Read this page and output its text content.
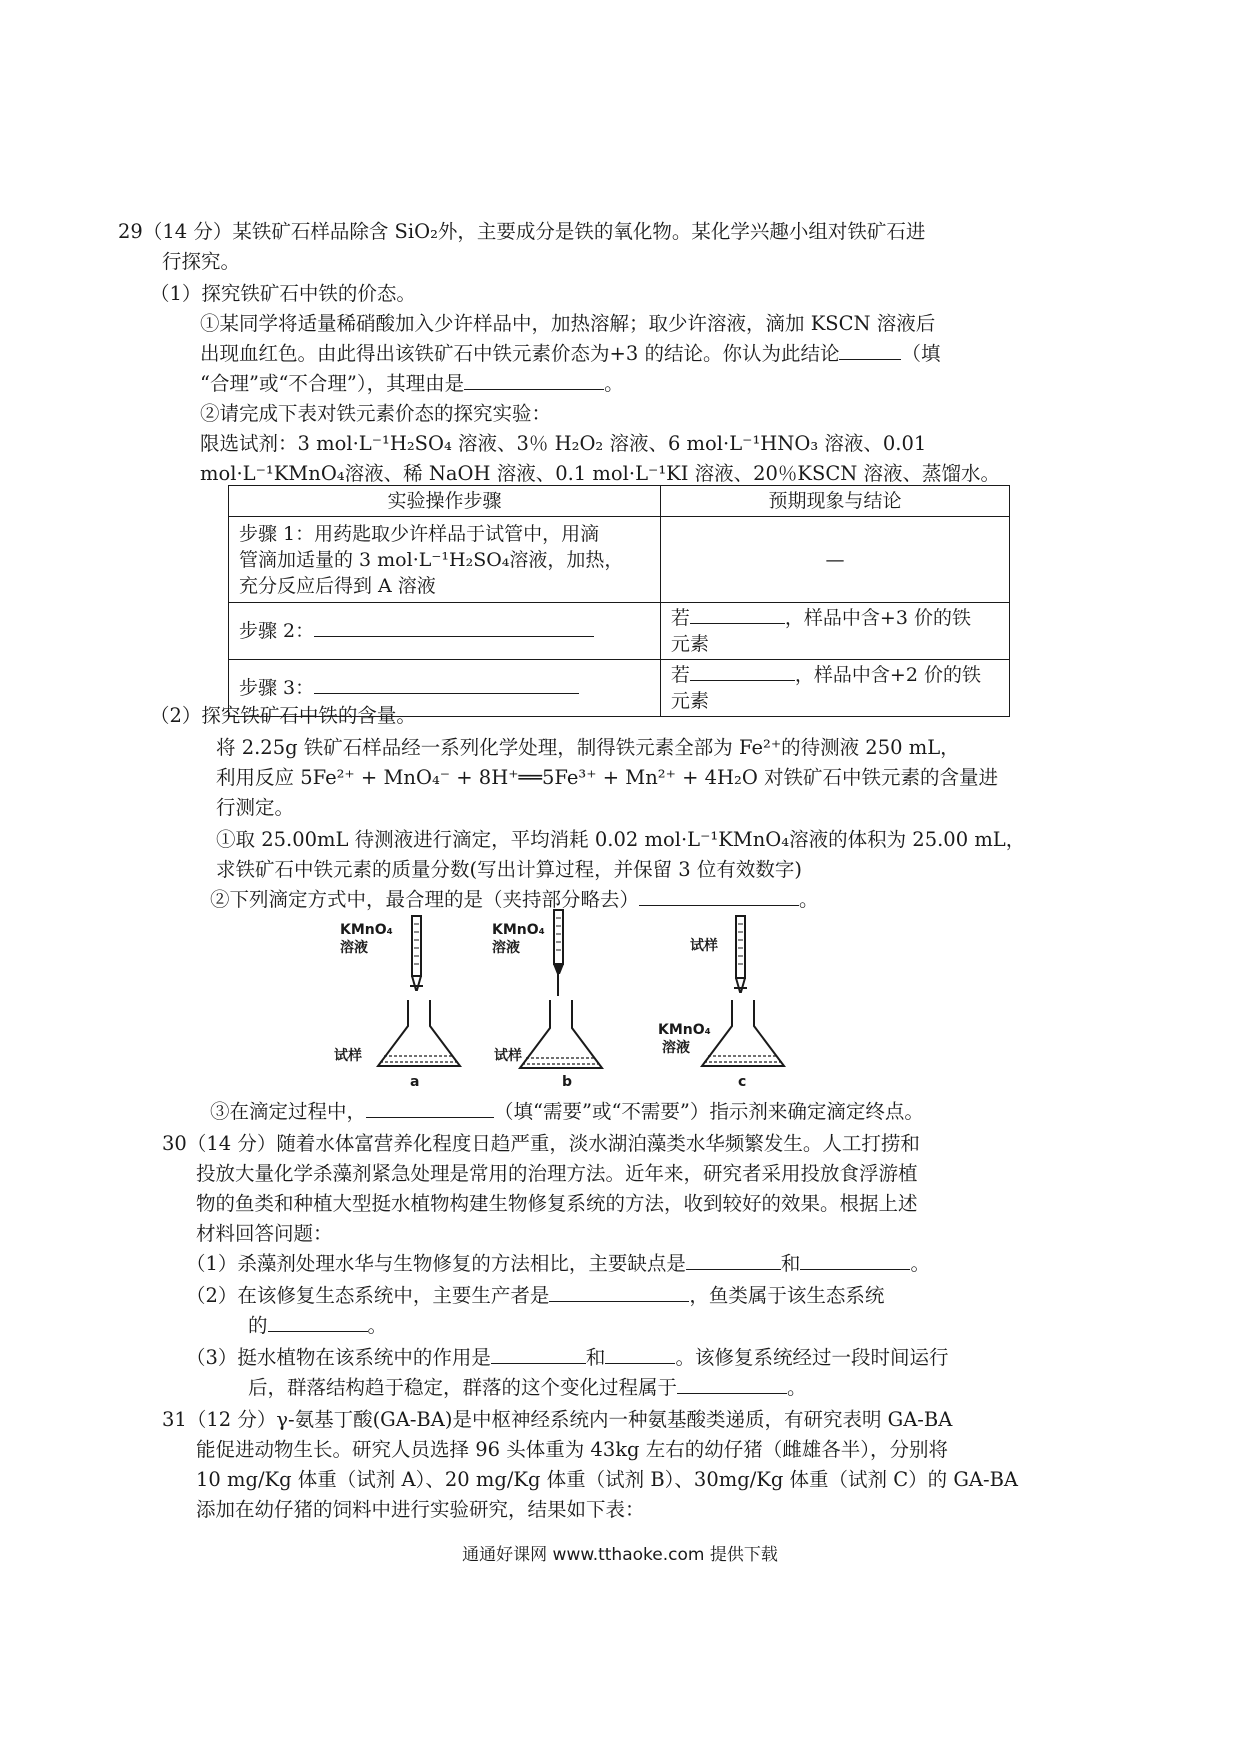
29（14 分）某铁矿石样品除含 SiO₂外，主要成分是铁的氧化物。某化学兴趣小组对铁矿石进
行探究。
（1）探究铁矿石中铁的价态。
①某同学将适量稀硝酸加入少许样品中，加热溶解；取少许溶液，滴加 KSCN 溶液后
出现血红色。由此得出该铁矿石中铁元素价态为+3 的结论。你认为此结论	（填
“合理”或“不合理”），其理由是	。
②请完成下表对铁元素价态的探究实验：
限选试剂：3 mol·L⁻¹H₂SO₄ 溶液、3％ H₂O₂ 溶液、6 mol·L⁻¹HNO₃ 溶液、0.01
mol·L⁻¹KMnO₄溶液、稀 NaOH 溶液、0.1 mol·L⁻¹KI 溶液、20％KSCN 溶液、蒸馏水。
实验操作步骤	预期现象与结论

步骤 1：用药匙取少许样品于试管中，用滴
管滴加适量的 3 mol·L⁻¹H₂SO₄溶液，加热，
充分反应后得到 A 溶液	—
步骤 2：	若 ，样品中含+3 价的铁
元素

步骤 3：	若 ，样品中含+2 价的铁
元素
（2）探究铁矿石中铁的含量。
将 2.25g 铁矿石样品经一系列化学处理，制得铁元素全部为 Fe²⁺的待测液 250 mL，
利用反应 5Fe²⁺ + MnO₄⁻ + 8H⁺══5Fe³⁺ + Mn²⁺ + 4H₂O 对铁矿石中铁元素的含量进
行测定。
①取 25.00mL 待测液进行滴定，平均消耗 0.02 mol·L⁻¹KMnO₄溶液的体积为 25.00 mL，
求铁矿石中铁元素的质量分数(写出计算过程，并保留 3 位有效数字)
②下列滴定方式中，最合理的是（夹持部分略去）	。
KMnO₄
溶液
试样
a
KMnO₄
溶液
试样
b
试样
KMnO₄
溶液
c
③在滴定过程中，	（填“需要”或“不需要”）指示剂来确定滴定终点。
30（14 分）随着水体富营养化程度日趋严重，淡水湖泊藻类水华频繁发生。人工打捞和
投放大量化学杀藻剂紧急处理是常用的治理方法。近年来，研究者采用投放食浮游植
物的鱼类和种植大型挺水植物构建生物修复系统的方法，收到较好的效果。根据上述
材料回答问题：
（1）杀藻剂处理水华与生物修复的方法相比，主要缺点是	和	。
（2）在该修复生态系统中，主要生产者是	，鱼类属于该生态系统
的	。
（3）挺水植物在该系统中的作用是	和	。该修复系统经过一段时间运行
后，群落结构趋于稳定，群落的这个变化过程属于	。
31（12 分）γ-氨基丁酸(GA-BA)是中枢神经系统内一种氨基酸类递质，有研究表明 GA-BA
能促进动物生长。研究人员选择 96 头体重为 43kg 左右的幼仔猪（雌雄各半），分别将
10 mg/Kg 体重（试剂 A）、20 mg/Kg 体重（试剂 B）、30mg/Kg 体重（试剂 C）的 GA-BA
添加在幼仔猪的饲料中进行实验研究，结果如下表：
通通好课网 www.tthaoke.com 提供下载
